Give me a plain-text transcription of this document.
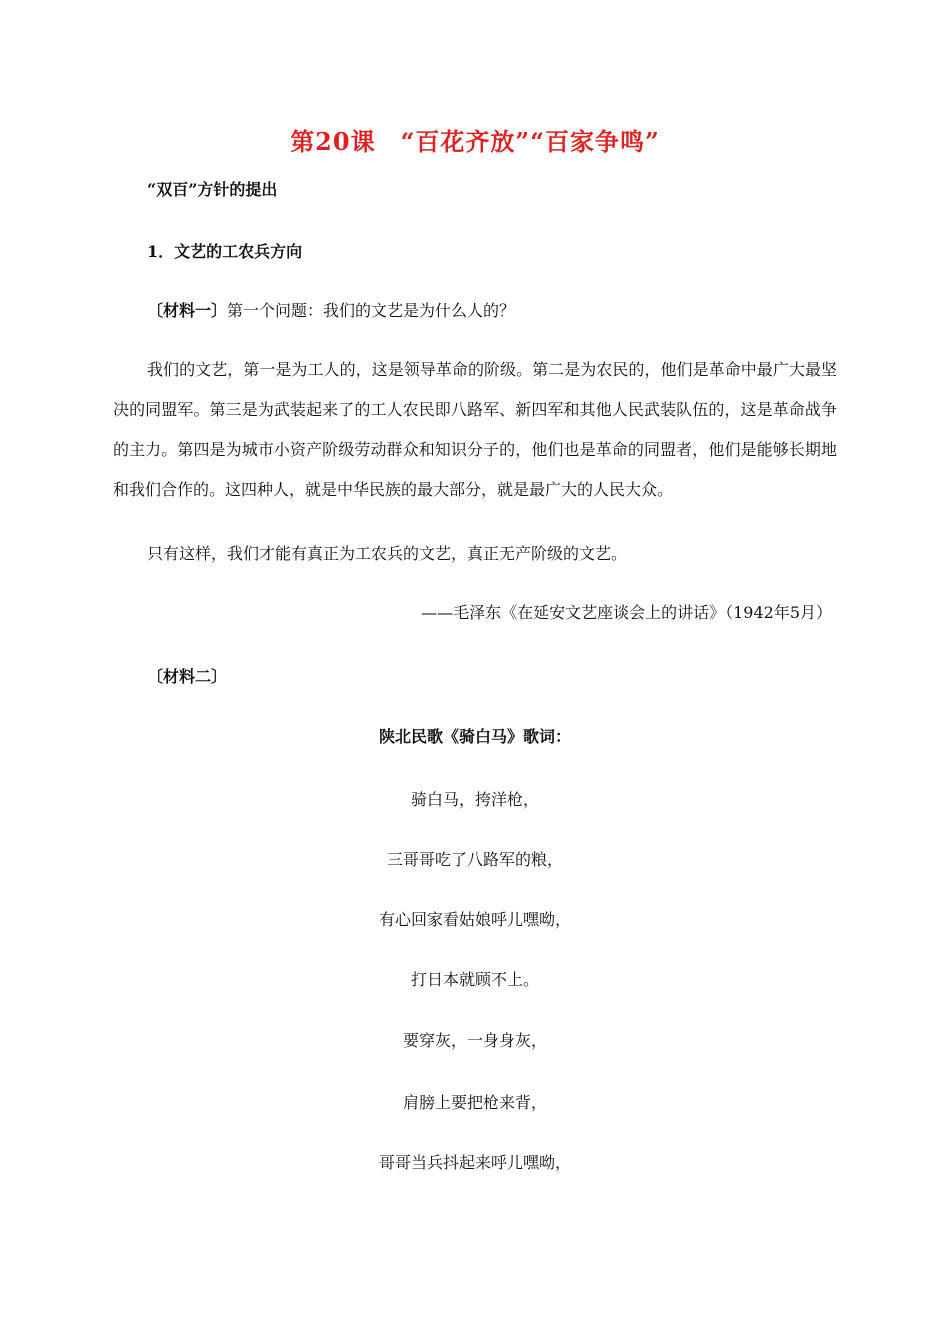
第20课　“百花齐放”“百家争鸣”
“双百”方针的提出
1．文艺的工农兵方向
〔材料一〕第一个问题：我们的文艺是为什么人的？
我们的文艺，第一是为工人的，这是领导革命的阶级。第二是为农民的，他们是革命中最广大最坚决的同盟军。第三是为武装起来了的工人农民即八路军、新四军和其他人民武装队伍的，这是革命战争的主力。第四是为城市小资产阶级劳动群众和知识分子的，他们也是革命的同盟者，他们是能够长期地和我们合作的。这四种人，就是中华民族的最大部分，就是最广大的人民大众。
只有这样，我们才能有真正为工农兵的文艺，真正无产阶级的文艺。
——毛泽东《在延安文艺座谈会上的讲话》（1942年5月）
〔材料二〕
陕北民歌《骑白马》歌词：
骑白马，挎洋枪，
三哥哥吃了八路军的粮，
有心回家看姑娘呼儿嘿呦，
打日本就顾不上。
要穿灰，一身身灰，
肩膀上要把枪来背，
哥哥当兵抖起来呼儿嘿呦，
